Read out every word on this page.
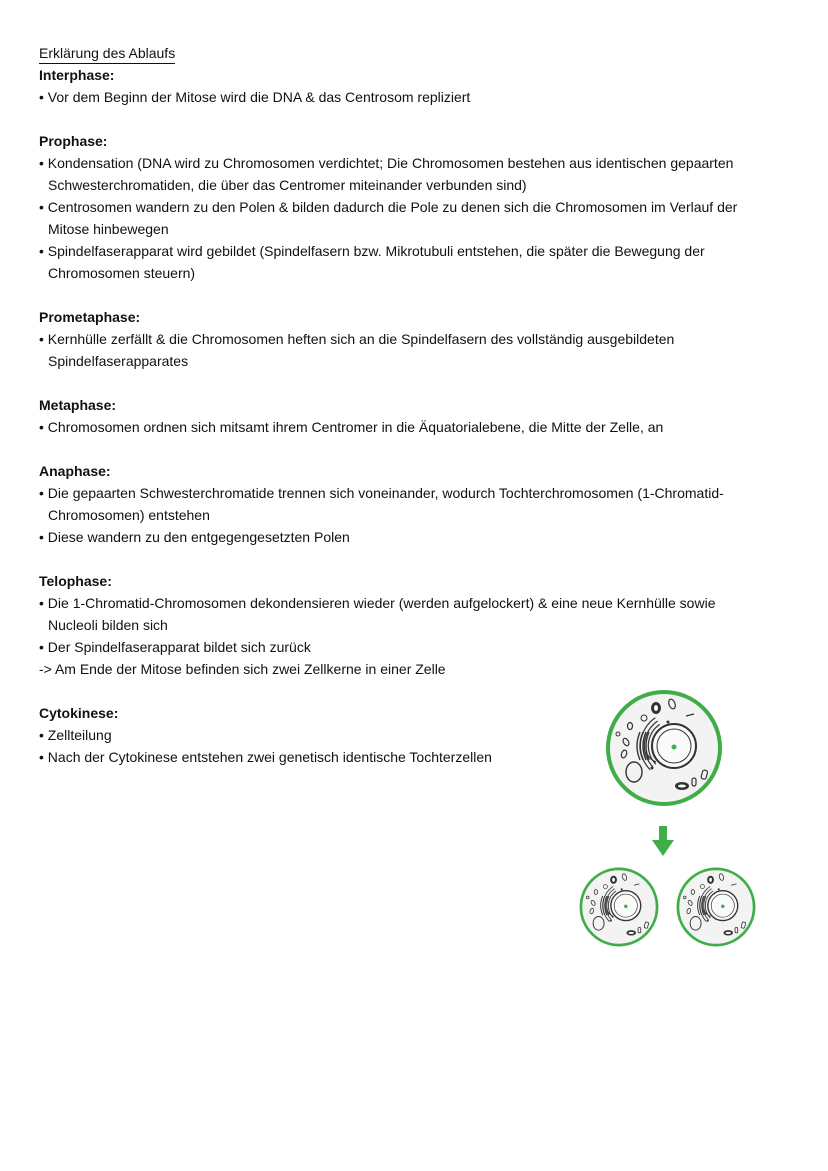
Erklärung des Ablaufs
Interphase:
• Vor dem Beginn der Mitose wird die DNA & das Centrosom repliziert
Prophase:
• Kondensation (DNA wird zu Chromosomen verdichtet; Die Chromosomen bestehen aus identischen gepaarten
Schwesterchromatiden, die über das Centromer miteinander verbunden sind)
• Centrosomen wandern zu den Polen & bilden dadurch die Pole zu denen sich die Chromosomen im Verlauf der
Mitose hinbewegen
• Spindelfaserapparat wird gebildet (Spindelfasern bzw. Mikrotubuli entstehen, die später die Bewegung der
Chromosomen steuern)
Prometaphase:
• Kernhülle zerfällt & die Chromosomen heften sich an die Spindelfasern des vollständig ausgebildeten
Spindelfaserapparates
Metaphase:
• Chromosomen ordnen sich mitsamt ihrem Centromer in die Äquatorialebene, die Mitte der Zelle, an
Anaphase:
• Die gepaarten Schwesterchromatide trennen sich voneinander, wodurch Tochterchromosomen (1-Chromatid-
Chromosomen) entstehen
• Diese wandern zu den entgegengesetzten Polen
Telophase:
• Die 1-Chromatid-Chromosomen dekondensieren wieder (werden aufgelockert) & eine neue Kernhülle sowie
Nucleoli bilden sich
• Der Spindelfaserapparat bildet sich zurück
-> Am Ende der Mitose befinden sich zwei Zellkerne in einer Zelle
Cytokinese:
• Zellteilung
• Nach der Cytokinese entstehen zwei genetisch identische Tochterzellen
